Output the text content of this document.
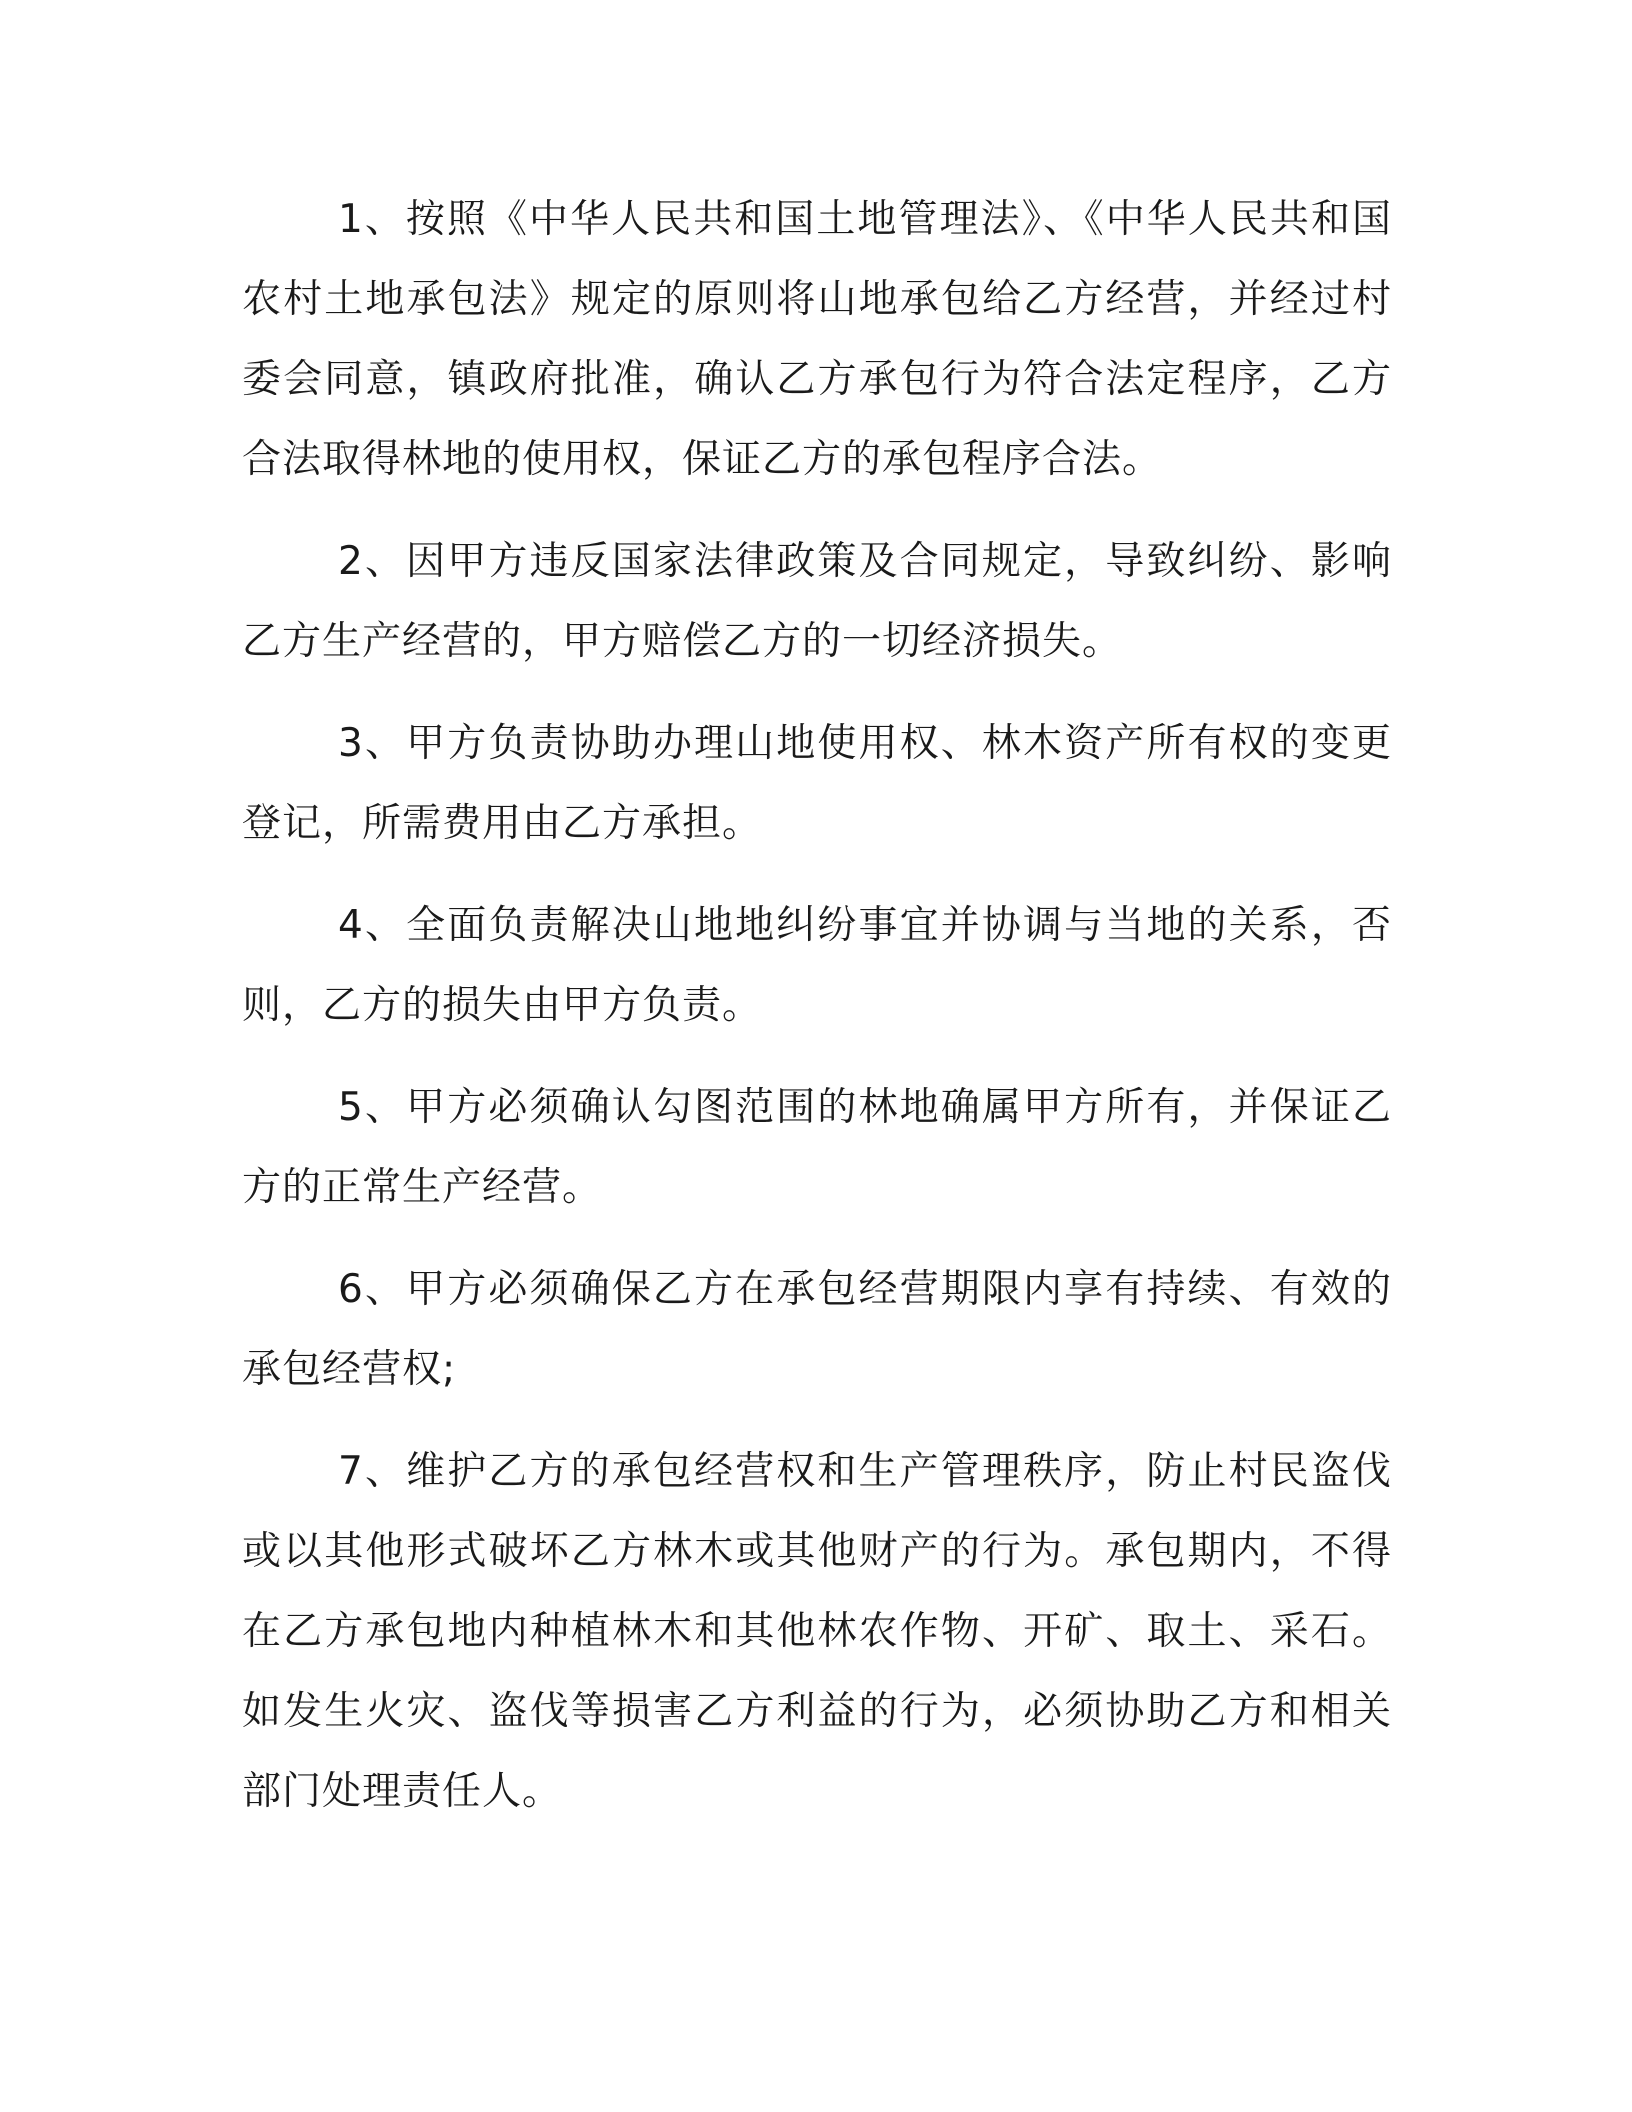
1、按照《中华人民共和国土地管理法》、《中华人民共和国农村土地承包法》规定的原则将山地承包给乙方经营，并经过村委会同意，镇政府批准，确认乙方承包行为符合法定程序，乙方合法取得林地的使用权，保证乙方的承包程序合法。

2、因甲方违反国家法律政策及合同规定，导致纠纷、影响乙方生产经营的，甲方赔偿乙方的一切经济损失。

3、甲方负责协助办理山地使用权、林木资产所有权的变更登记，所需费用由乙方承担。

4、全面负责解决山地地纠纷事宜并协调与当地的关系，否则，乙方的损失由甲方负责。

5、甲方必须确认勾图范围的林地确属甲方所有，并保证乙方的正常生产经营。

6、甲方必须确保乙方在承包经营期限内享有持续、有效的承包经营权;

7、维护乙方的承包经营权和生产管理秩序，防止村民盗伐或以其他形式破坏乙方林木或其他财产的行为。承包期内，不得在乙方承包地内种植林木和其他林农作物、开矿、取土、采石。如发生火灾、盗伐等损害乙方利益的行为，必须协助乙方和相关部门处理责任人。
